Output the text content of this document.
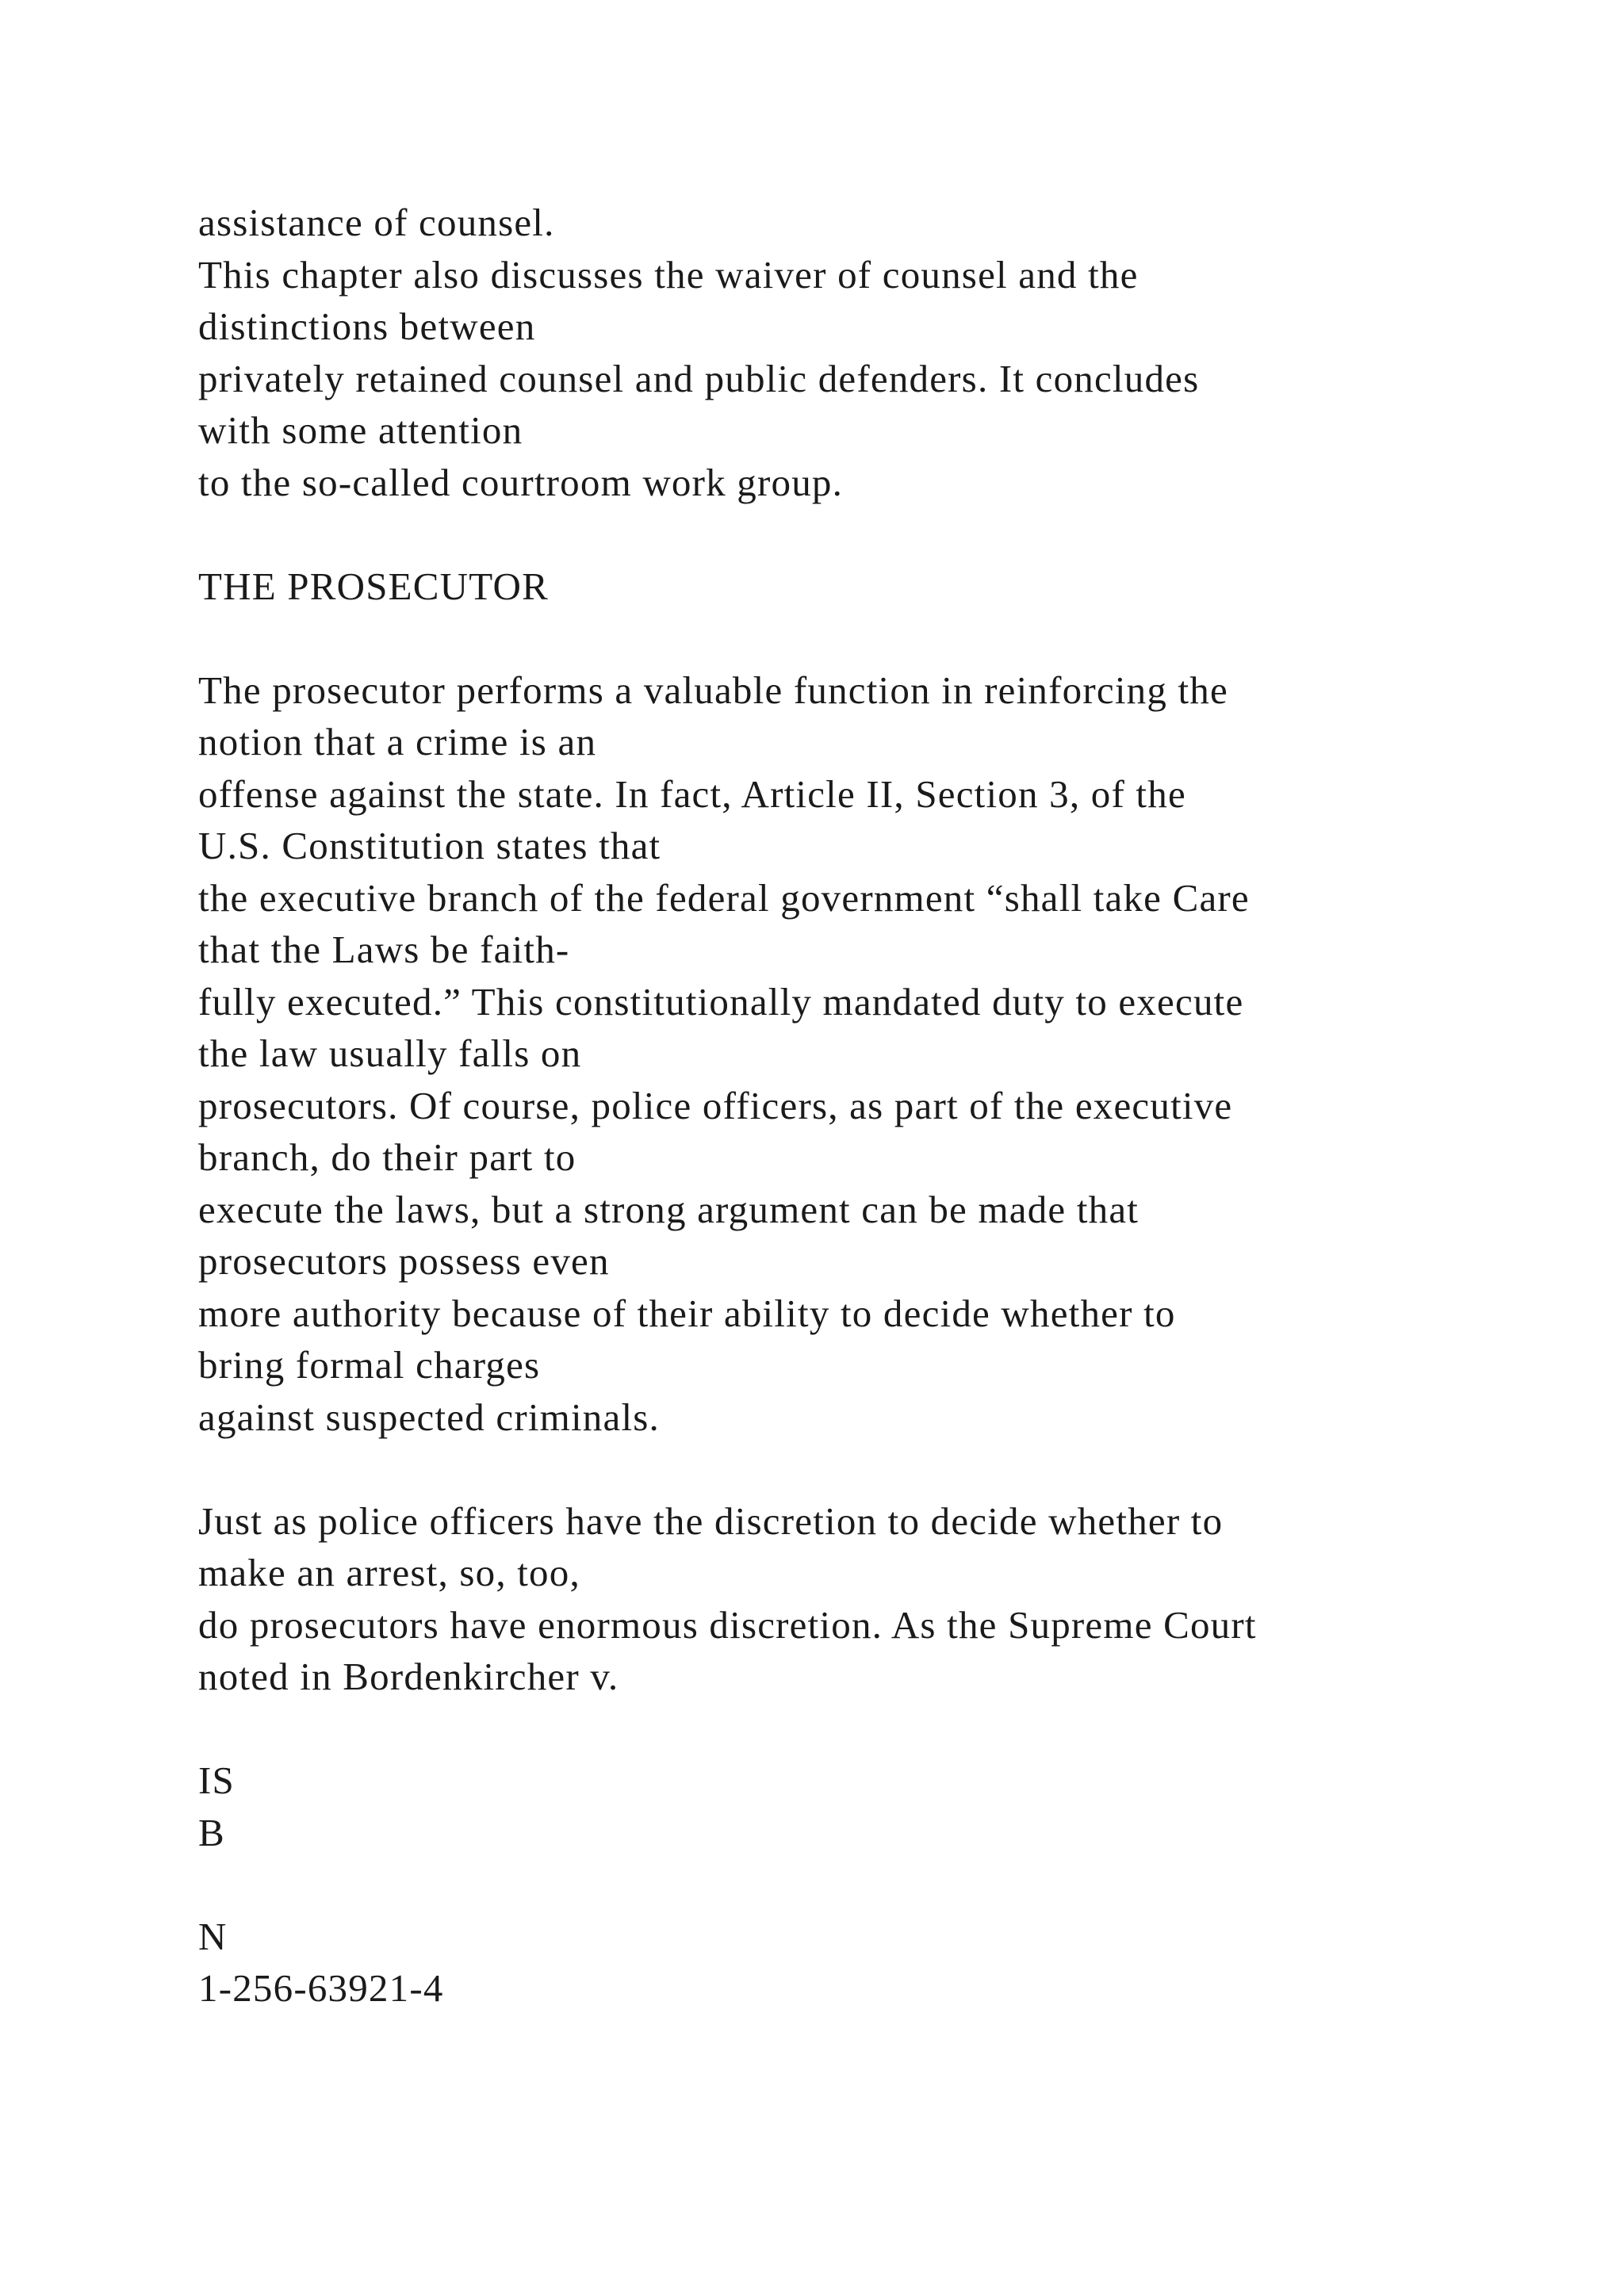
assistance of counsel.
This chapter also discusses the waiver of counsel and the
distinctions between
privately retained counsel and public defenders. It concludes
with some attention
to the so-called courtroom work group.
THE PROSECUTOR
The prosecutor performs a valuable function in reinforcing the
notion that a crime is an
offense against the state. In fact, Article II, Section 3, of the
U.S. Constitution states that
the executive branch of the federal government “shall take Care
that the Laws be faith-
fully executed.” This constitutionally mandated duty to execute
the law usually falls on
prosecutors. Of course, police officers, as part of the executive
branch, do their part to
execute the laws, but a strong argument can be made that
prosecutors possess even
more authority because of their ability to decide whether to
bring formal charges
against suspected criminals.
Just as police officers have the discretion to decide whether to
make an arrest, so, too,
do prosecutors have enormous discretion. As the Supreme Court
noted in Bordenkircher v.
IS
B
N
1-256-63921-4
